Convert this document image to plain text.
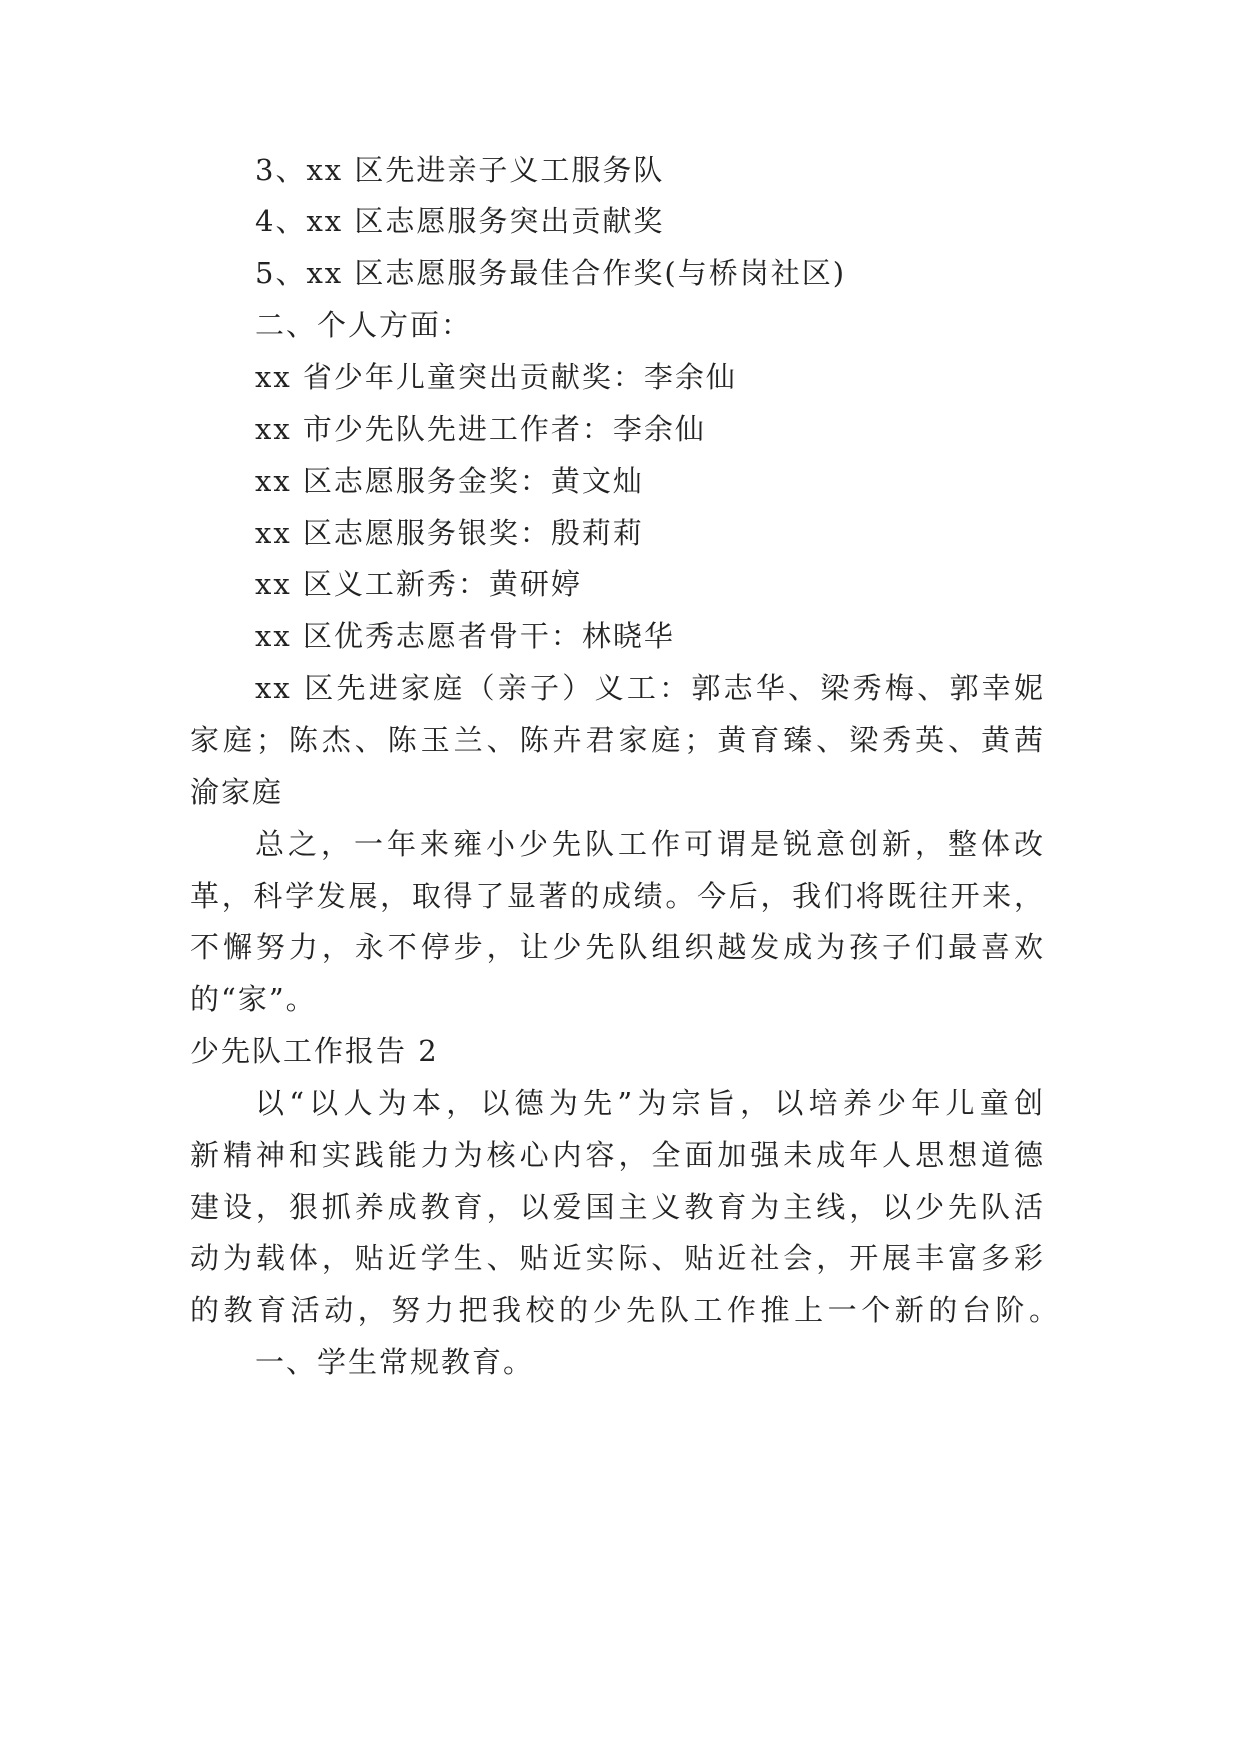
3、xx 区先进亲子义工服务队
4、xx 区志愿服务突出贡献奖
5、xx 区志愿服务最佳合作奖(与桥岗社区)
二、个人方面：
xx 省少年儿童突出贡献奖：李余仙
xx 市少先队先进工作者：李余仙
xx 区志愿服务金奖：黄文灿
xx 区志愿服务银奖：殷莉莉
xx 区义工新秀：黄研婷
xx 区优秀志愿者骨干：林晓华
xx 区先进家庭（亲子）义工：郭志华、梁秀梅、郭幸妮
家庭；陈杰、陈玉兰、陈卉君家庭；黄育臻、梁秀英、黄茜
渝家庭
总之，一年来雍小少先队工作可谓是锐意创新，整体改
革，科学发展，取得了显著的成绩。今后，我们将既往开来，
不懈努力，永不停步，让少先队组织越发成为孩子们最喜欢
的“家”。
少先队工作报告 2
以“以人为本，以德为先”为宗旨，以培养少年儿童创
新精神和实践能力为核心内容，全面加强未成年人思想道德
建设，狠抓养成教育，以爱国主义教育为主线，以少先队活
动为载体，贴近学生、贴近实际、贴近社会，开展丰富多彩
的教育活动，努力把我校的少先队工作推上一个新的台阶。
一、学生常规教育。
